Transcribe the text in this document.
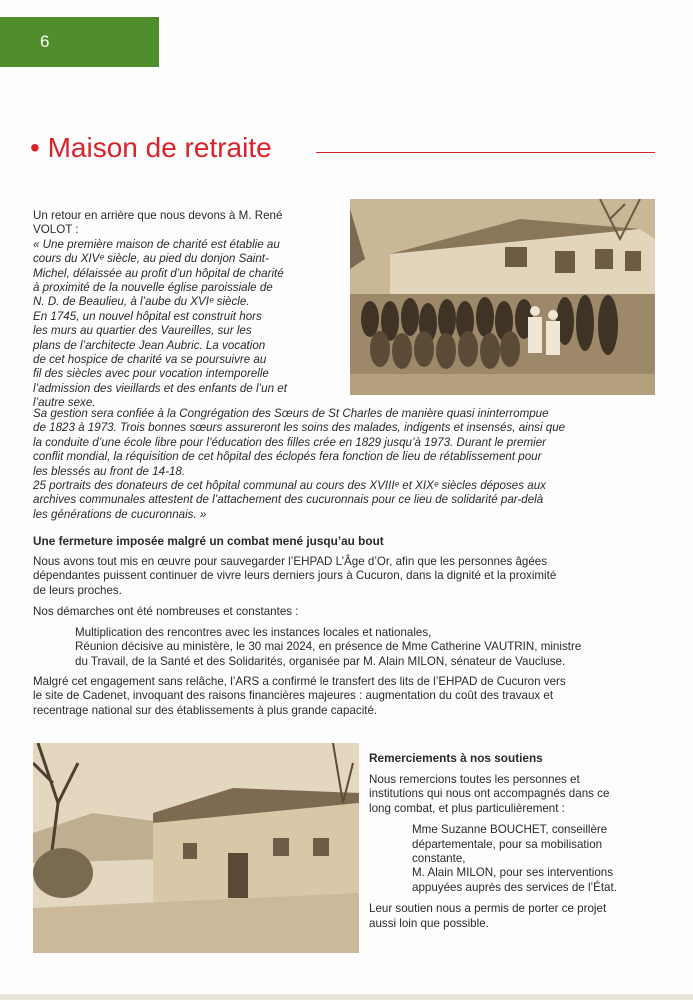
6
• Maison de retraite

Un retour en arrière que nous devons à M. René

VOLOT :

« Une première maison de charité est établie au

cours du XIVᵉ siècle, au pied du donjon Saint-

Michel, délaissée au profit d’un hôpital de charité

à proximité de la nouvelle église paroissiale de

N. D. de Beaulieu, à l’aube du XVIᵉ siècle.

En 1745, un nouvel hôpital est construit hors

les murs au quartier des Vaureilles, sur les

plans de l’architecte Jean Aubric. La vocation

de cet hospice de charité va se poursuivre au

fil des siècles avec pour vocation intemporelle

l’admission des vieillards et des enfants de l’un et

l’autre sexe.

Sa gestion sera confiée à la Congrégation des Sœurs de St Charles de manière quasi ininterrompue

de 1823 à 1973. Trois bonnes sœurs assureront les soins des malades, indigents et insensés, ainsi que

la conduite d’une école libre pour l’éducation des filles crée en 1829 jusqu’à 1973. Durant le premier

conflit mondial, la réquisition de cet hôpital des éclopés fera fonction de lieu de rétablissement pour

les blessés au front de 14-18.

25 portraits des donateurs de cet hôpital communal au cours des XVIIIᵉ et XIXᵉ siècles déposes aux

archives communales attestent de l’attachement des cucuronnais pour ce lieu de solidarité par-delà

les générations de cucuronnais. »

Une fermeture imposée malgré un combat mené jusqu’au bout

Nous avons tout mis en œuvre pour sauvegarder l’EHPAD L’Âge d’Or, afin que les personnes âgées

dépendantes puissent continuer de vivre leurs derniers jours à Cucuron, dans la dignité et la proximité

de leurs proches.

Nos démarches ont été nombreuses et constantes :

Multiplication des rencontres avec les instances locales et nationales,

Réunion décisive au ministère, le 30 mai 2024, en présence de Mme Catherine VAUTRIN, ministre

du Travail, de la Santé et des Solidarités, organisée par M. Alain MILON, sénateur de Vaucluse.

Malgré cet engagement sans relâche, l’ARS a confirmé le transfert des lits de l’EHPAD de Cucuron vers

le site de Cadenet, invoquant des raisons financières majeures : augmentation du coût des travaux et

recentrage national sur des établissements à plus grande capacité.

Remerciements à nos soutiens

Nous remercions toutes les personnes et

institutions qui nous ont accompagnés dans ce

long combat, et plus particulièrement :

Mme Suzanne BOUCHET, conseillère

départementale, pour sa mobilisation

constante,

M. Alain MILON, pour ses interventions

appuyées auprès des services de l’État.

Leur soutien nous a permis de porter ce projet

aussi loin que possible.
